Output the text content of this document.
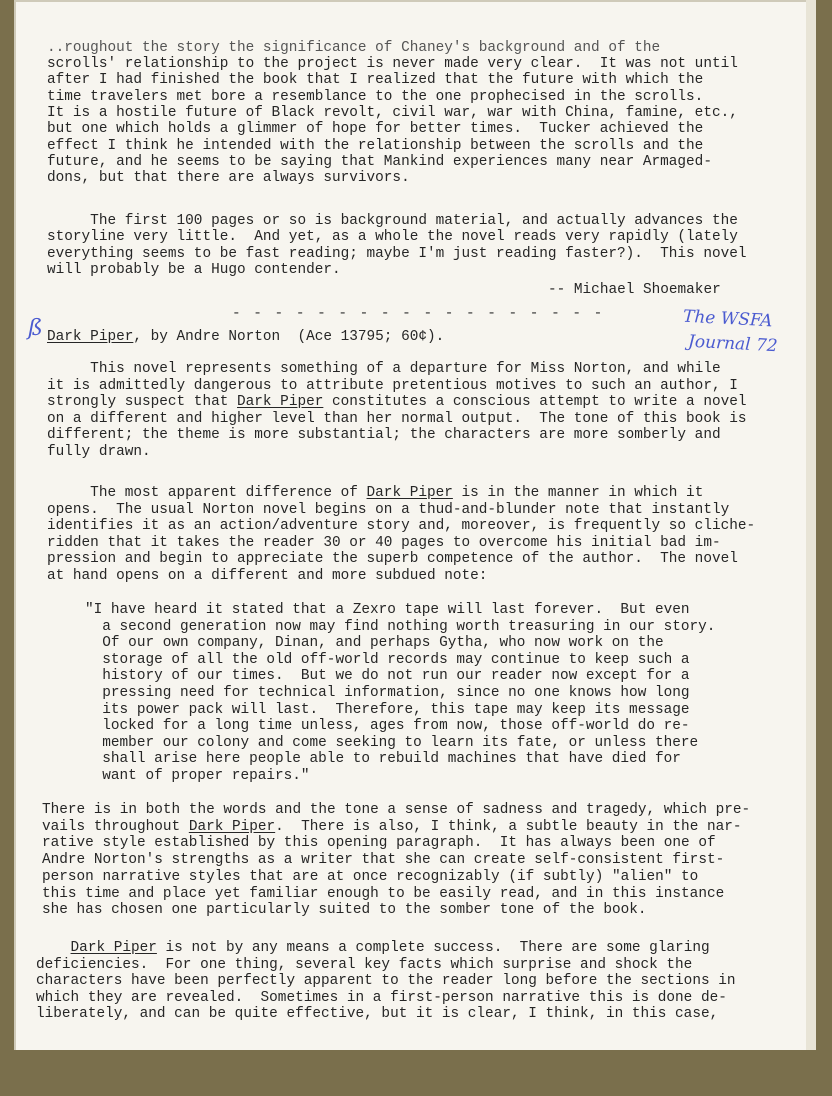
..roughout the story the significance of Chaney's background and of the
scrolls' relationship to the project is never made very clear.  It was not until
after I had finished the book that I realized that the future with which the
time travelers met bore a resemblance to the one prophecised in the scrolls.
It is a hostile future of Black revolt, civil war, war with China, famine, etc.,
but one which holds a glimmer of hope for better times.  Tucker achieved the
effect I think he intended with the relationship between the scrolls and the
future, and he seems to be saying that Mankind experiences many near Armaged-
dons, but that there are always survivors.
The first 100 pages or so is background material, and actually advances the
storyline very little.  And yet, as a whole the novel reads very rapidly (lately
everything seems to be fast reading; maybe I'm just reading faster?).  This novel
will probably be a Hugo contender.
-- Michael Shoemaker
Dark Piper, by Andre Norton  (Ace 13795; 60¢).
This novel represents something of a departure for Miss Norton, and while
it is admittedly dangerous to attribute pretentious motives to such an author, I
strongly suspect that Dark Piper constitutes a conscious attempt to write a novel
on a different and higher level than her normal output.  The tone of this book is
different; the theme is more substantial; the characters are more somberly and
fully drawn.
The most apparent difference of Dark Piper is in the manner in which it
opens.  The usual Norton novel begins on a thud-and-blunder note that instantly
identifies it as an action/adventure story and, moreover, is frequently so cliche-
ridden that it takes the reader 30 or 40 pages to overcome his initial bad im-
pression and begin to appreciate the superb competence of the author.  The novel
at hand opens on a different and more subdued note:
"I have heard it stated that a Zexro tape will last forever.  But even
a second generation now may find nothing worth treasuring in our story.
Of our own company, Dinan, and perhaps Gytha, who now work on the
storage of all the old off-world records may continue to keep such a
history of our times.  But we do not run our reader now except for a
pressing need for technical information, since no one knows how long
its power pack will last.  Therefore, this tape may keep its message
locked for a long time unless, ages from now, those off-world do re-
member our colony and come seeking to learn its fate, or unless there
shall arise here people able to rebuild machines that have died for
want of proper repairs."
There is in both the words and the tone a sense of sadness and tragedy, which pre-
vails throughout Dark Piper.  There is also, I think, a subtle beauty in the nar-
rative style established by this opening paragraph.  It has always been one of
Andre Norton's strengths as a writer that she can create self-consistent first-
person narrative styles that are at once recognizably (if subtly) "alien" to
this time and place yet familiar enough to be easily read, and in this instance
she has chosen one particularly suited to the somber tone of the book.
Dark Piper is not by any means a complete success.  There are some glaring
deficiencies.  For one thing, several key facts which surprise and shock the
characters have been perfectly apparent to the reader long before the sections in
which they are revealed.  Sometimes in a first-person narrative this is done de-
liberately, and can be quite effective, but it is clear, I think, in this case,
- - - - - - - - - - - - - - - - - -
ß	The WSFA
Journal 72
